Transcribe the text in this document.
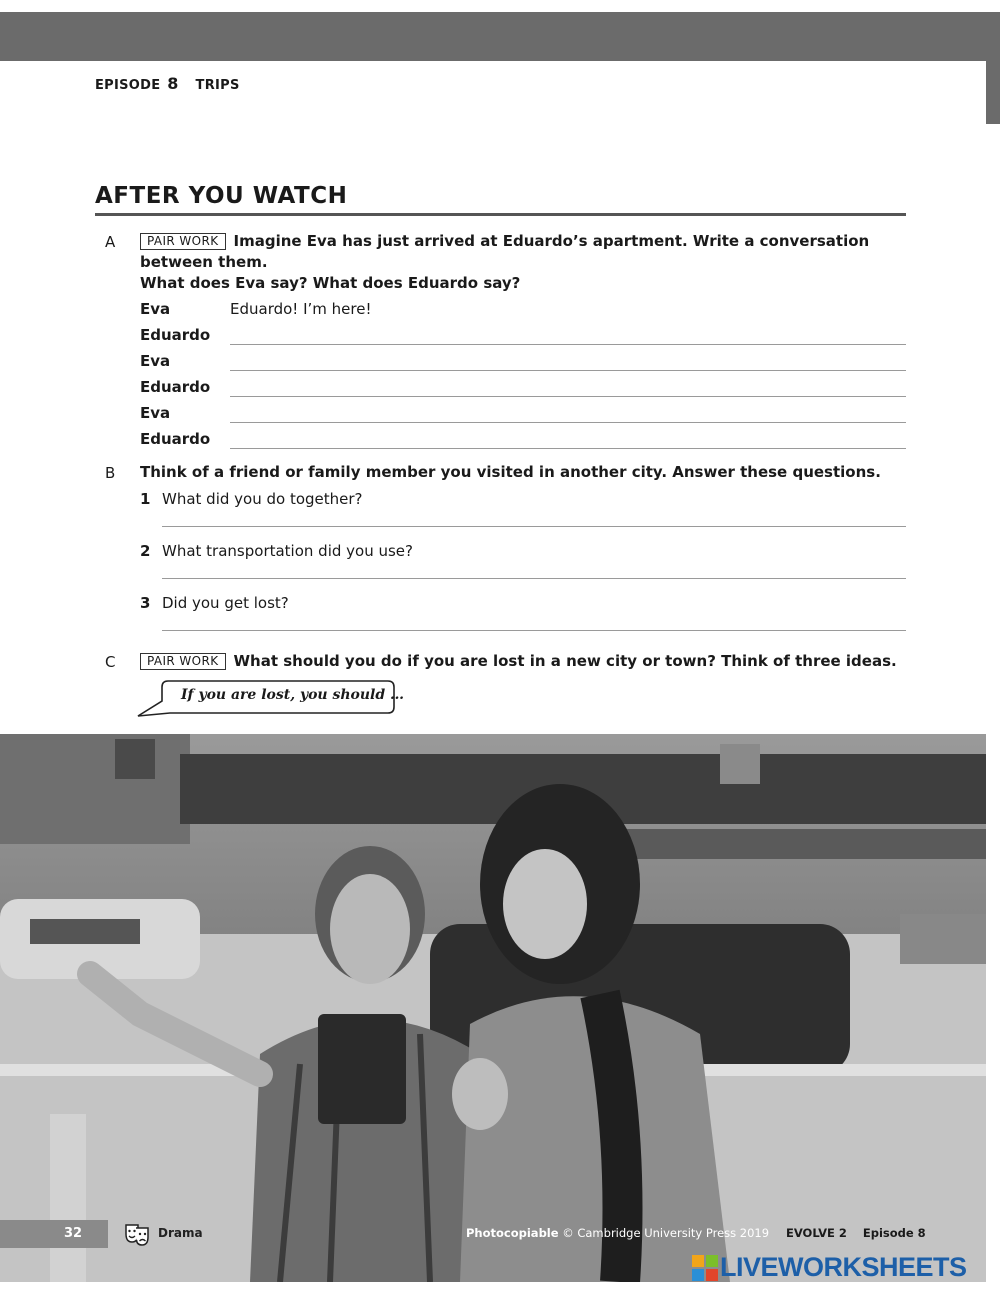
EPISODE 8 TRIPS
AFTER YOU WATCH
A	PAIR WORK Imagine Eva has just arrived at Eduardo’s apartment. Write a conversation
between them.
What does Eva say? What does Eduardo say?
Eva	Eduardo! I’m here!
Eduardo
Eva
Eduardo
Eva
Eduardo
B Think of a friend or family member you visited in another city. Answer these questions.
1 What did you do together?
2 What transportation did you use?
3 Did you get lost?
C	PAIR WORK What should you do if you are lost in a new city or town? Think of three ideas.
If you are lost, you should …
32	Drama	Photocopiable © Cambridge University Press 2019 EVOLVE 2 Episode 8
LIVEWORKSHEETS
